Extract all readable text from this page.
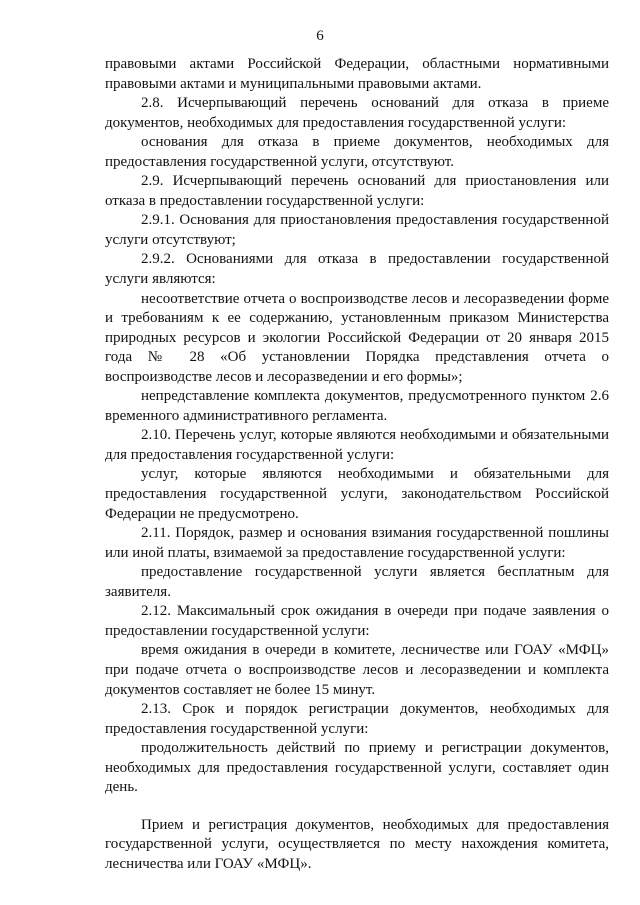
6

правовыми актами Российской Федерации, областными нормативными правовыми актами и муниципальными правовыми актами.

2.8. Исчерпывающий перечень оснований для отказа в приеме документов, необходимых для предоставления государственной услуги:

основания для отказа в приеме документов, необходимых для предоставления государственной услуги, отсутствуют.

2.9. Исчерпывающий перечень оснований для приостановления или отказа в предоставлении государственной услуги:

2.9.1. Основания для приостановления предоставления государственной услуги отсутствуют;

2.9.2. Основаниями для отказа в предоставлении государственной услуги являются:

несоответствие отчета о воспроизводстве лесов и лесоразведении форме и требованиям к ее содержанию, установленным приказом Министерства природных ресурсов и экологии Российской Федерации от 20 января 2015 года № 28 «Об установлении Порядка представления отчета о воспроизводстве лесов и лесоразведении и его формы»;

непредставление комплекта документов, предусмотренного пунктом 2.6 временного административного регламента.

2.10. Перечень услуг, которые являются необходимыми и обязательными для предоставления государственной услуги:

услуг, которые являются необходимыми и обязательными для предоставления государственной услуги, законодательством Российской Федерации не предусмотрено.

2.11. Порядок, размер и основания взимания государственной пошлины или иной платы, взимаемой за предоставление государственной услуги:

предоставление государственной услуги является бесплатным для заявителя.

2.12. Максимальный срок ожидания в очереди при подаче заявления о предоставлении государственной услуги:

время ожидания в очереди в комитете, лесничестве или ГОАУ «МФЦ» при подаче отчета о воспроизводстве лесов и лесоразведении и комплекта документов составляет не более 15 минут.

2.13. Срок и порядок регистрации документов, необходимых для предоставления государственной услуги:

продолжительность действий по приему и регистрации документов, необходимых для предоставления государственной услуги, составляет один день.

Прием и регистрация документов, необходимых для предоставления государственной услуги, осуществляется по месту нахождения комитета, лесничества или ГОАУ «МФЦ».
